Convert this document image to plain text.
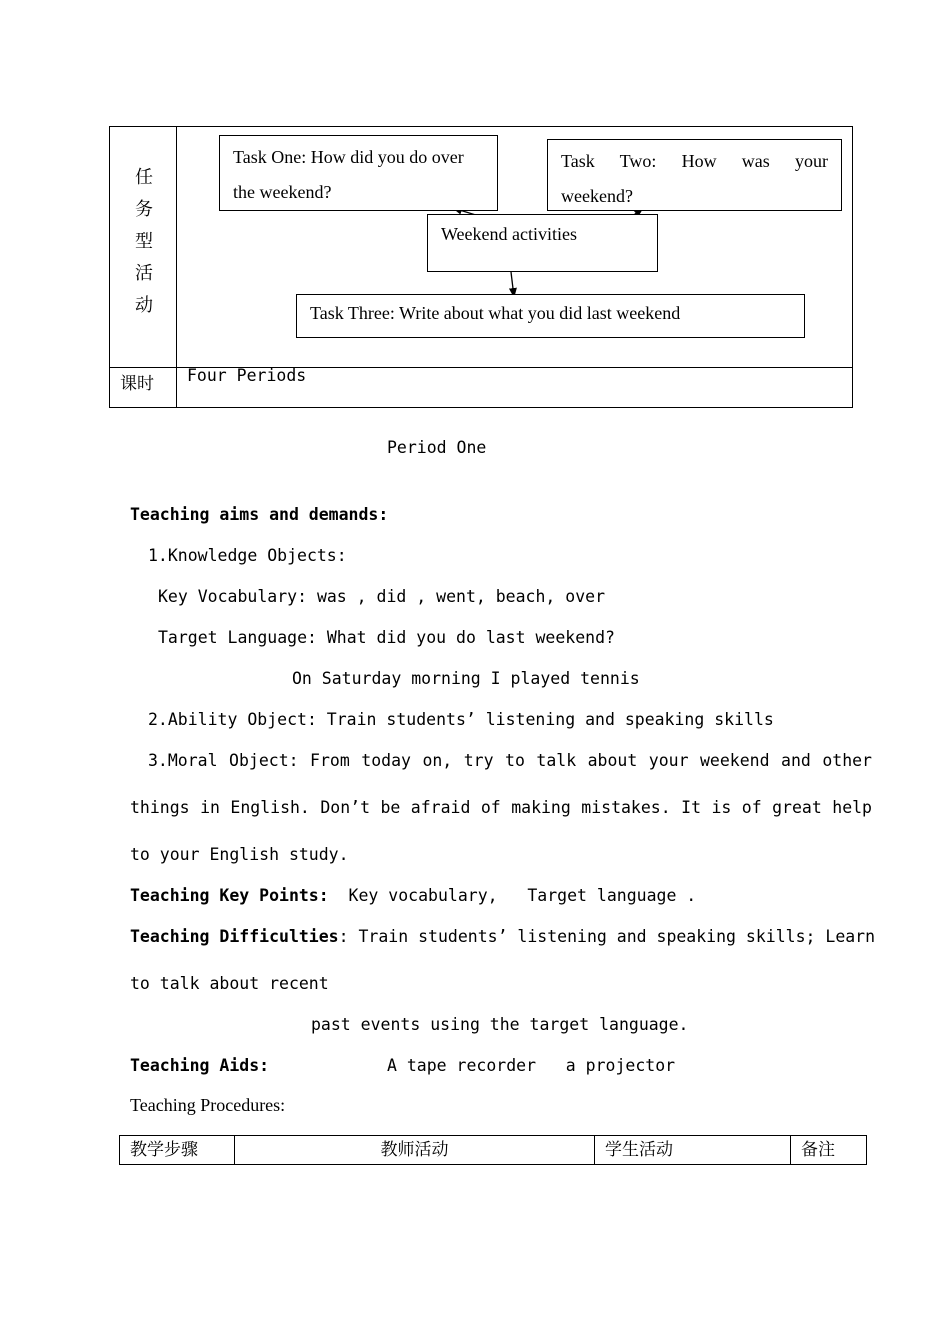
任
务
型
活
动
Task One: How did you do over
the weekend?
Task Two: How was your
weekend?
Weekend activities
Task Three: Write about what you did last weekend
课时 Four Periods
Period One
Teaching aims and demands:
1.Knowledge Objects:
Key Vocabulary: was , did , went, beach, over
Target Language: What did you do last weekend?
On Saturday morning I played tennis
2.Ability Object: Train students’ listening and speaking skills
3.Moral Object: From today on, try to talk about your weekend and other
things in English. Don’t be afraid of making mistakes. It is of great help
to your English study.
Teaching Key Points:  Key vocabulary,   Target language .
Teaching Difficulties: Train students’ listening and speaking skills; Learn
to talk about recent
past events using the target language.
Teaching Aids:	A tape recorder   a projector
Teaching Procedures:
教学步骤	教师活动	学生活动	备注
